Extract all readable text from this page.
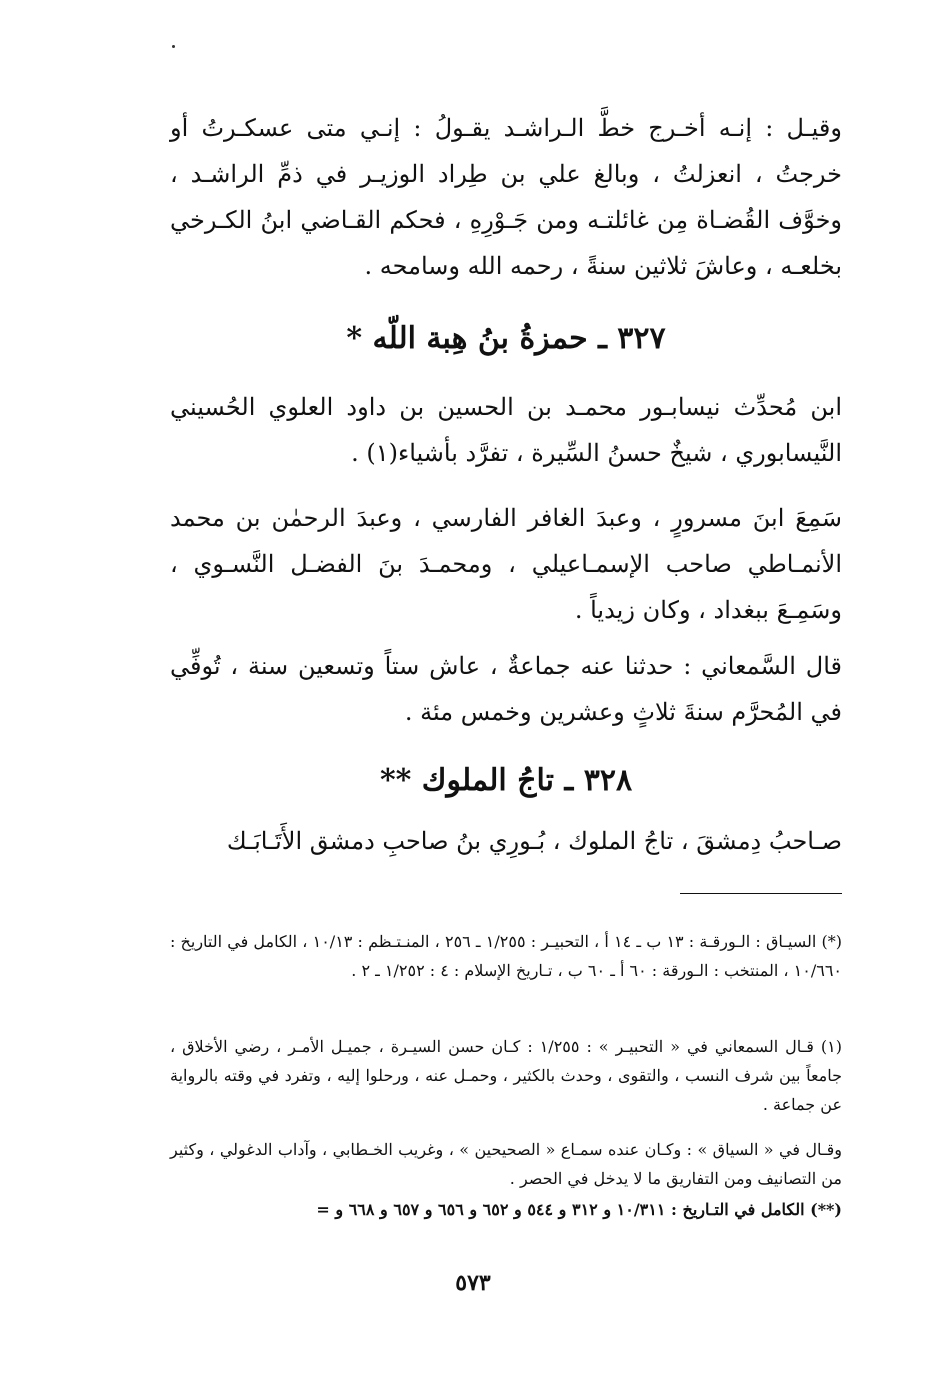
وقيـل : إنـه أخـرج خطَّ الـراشـد يقـولُ : إنـي متى عسكـرتُ أو خرجتُ ، انعزلتُ ، وبالغ علي بن طِراد الوزيـر في ذمِّ الراشـد ، وخوَّف القُضـاة مِن غائلتـه ومن جَـوْرِهِ ، فحكم القـاضي ابنُ الكـرخي بخلعـه ، وعاشَ ثلاثين سنةً ، رحمه الله وسامحه .

٣٢٧ ـ حمزةُ بنُ هِبة اللّه *

ابن مُحدِّث نيسابـور محمـد بن الحسين بن داود العلوي الحُسيني النَّيسابوري ، شيخٌ حسنُ السِّيرة ، تفرَّد بأشياء(١) .

سَمِعَ ابنَ مسرورٍ ، وعبدَ الغافر الفارسي ، وعبدَ الرحمٰن بن محمد الأنمـاطي صاحب الإسمـاعيلي ، ومحمـدَ بنَ الفضـل النَّسـوي ، وسَمِـعَ ببغداد ، وكان زيدياً .

قال السَّمعاني : حدثنا عنه جماعةٌ ، عاش ستاً وتسعين سنة ، تُوفِّي في المُحرَّم سنةَ ثلاثٍ وعشرين وخمس مئة .

٣٢٨ ـ تاجُ الملوك **

صـاحبُ دِمشقَ ، تاجُ الملوك ، بُـورِي بنُ صاحبِ دمشق الأَتَـابَـك

(*) السيـاق : الـورقـة : ١٣ ب ـ ١٤ أ ، التحبيـر : ١/٢٥٥ ـ ٢٥٦ ، المنـتـظم : ١٠/١٣ ، الكامل في التاريخ : ١٠/٦٦٠ ، المنتخب : الـورقة : ٦٠ أ ـ ٦٠ ب ، تـاريخ الإسلام : ٤ : ١/٢٥٢ ـ ٢ .

(١) قـال السمعاني في « التحبيـر » : ١/٢٥٥ : كـان حسن السيـرة ، جميـل الأمـر ، رضي الأخلاق ، جامعاً بين شرف النسب ، والتقوى ، وحدث بالكثير ، وحمـل عنه ، ورحلوا إليه ، وتفرد في وقته بالرواية عن جماعة .

وقـال في « السياق » : وكـان عنده سمـاع « الصحيحين » ، وغريب الخـطابي ، وآداب الدغولي ، وكثير من التصانيف ومن التفاريق ما لا يدخل في الحصر .

(**) الكامل في التـاريخ : ١٠/٣١١ و ٣١٢ و ٥٤٤ و ٦٥٢ و ٦٥٦ و ٦٥٧ و ٦٦٨ و =

٥٧٣
